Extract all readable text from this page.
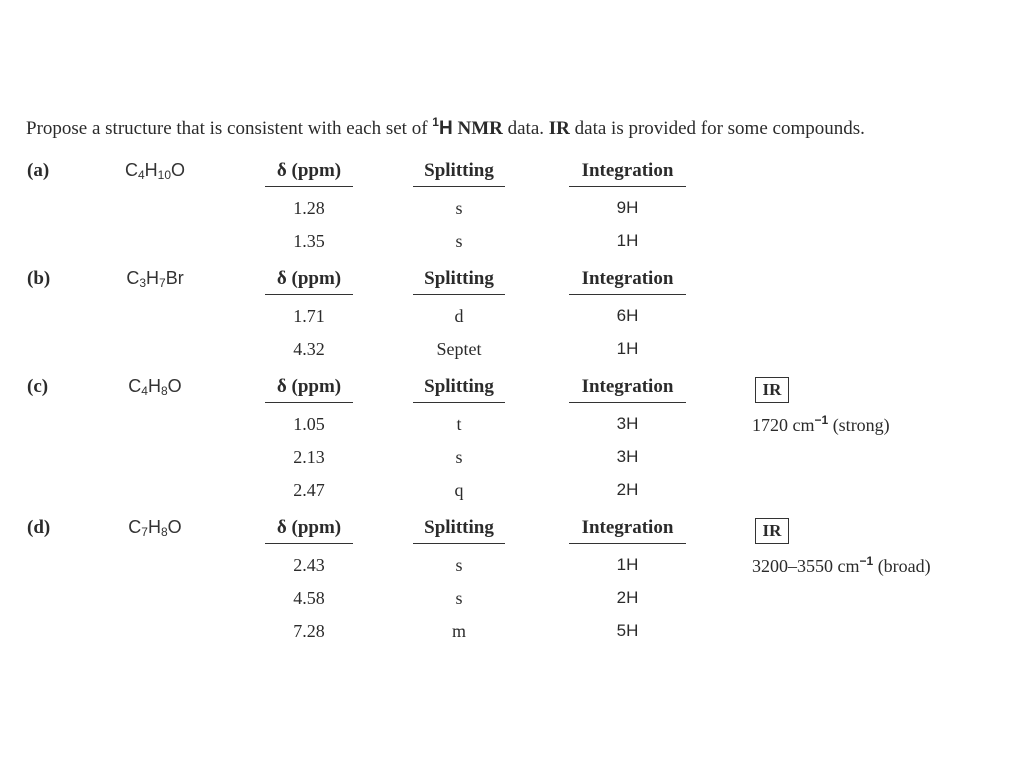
Propose a structure that is consistent with each set of $^1$H NMR data. IR data is provided for some compounds.
(a)	$C_4H_{10}O$	δ (ppm)	Splitting	Integration
1.28	s	9H
1.35	s	1H
(b)	$C_3H_7Br$	δ (ppm)	Splitting	Integration
1.71	d	6H
4.32	Septet	1H
(c)	$C_4H_8O$	δ (ppm)	Splitting	Integration
1.05	t	3H
2.13	s	3H
2.47	q	2H
IR
1720 $cm^{-1}$ (strong)
(d)	$C_7H_8O$	δ (ppm)	Splitting	Integration
2.43	s	1H
4.58	s	2H
7.28	m	5H
IR
3200–3550 $cm^{-1}$ (broad)
